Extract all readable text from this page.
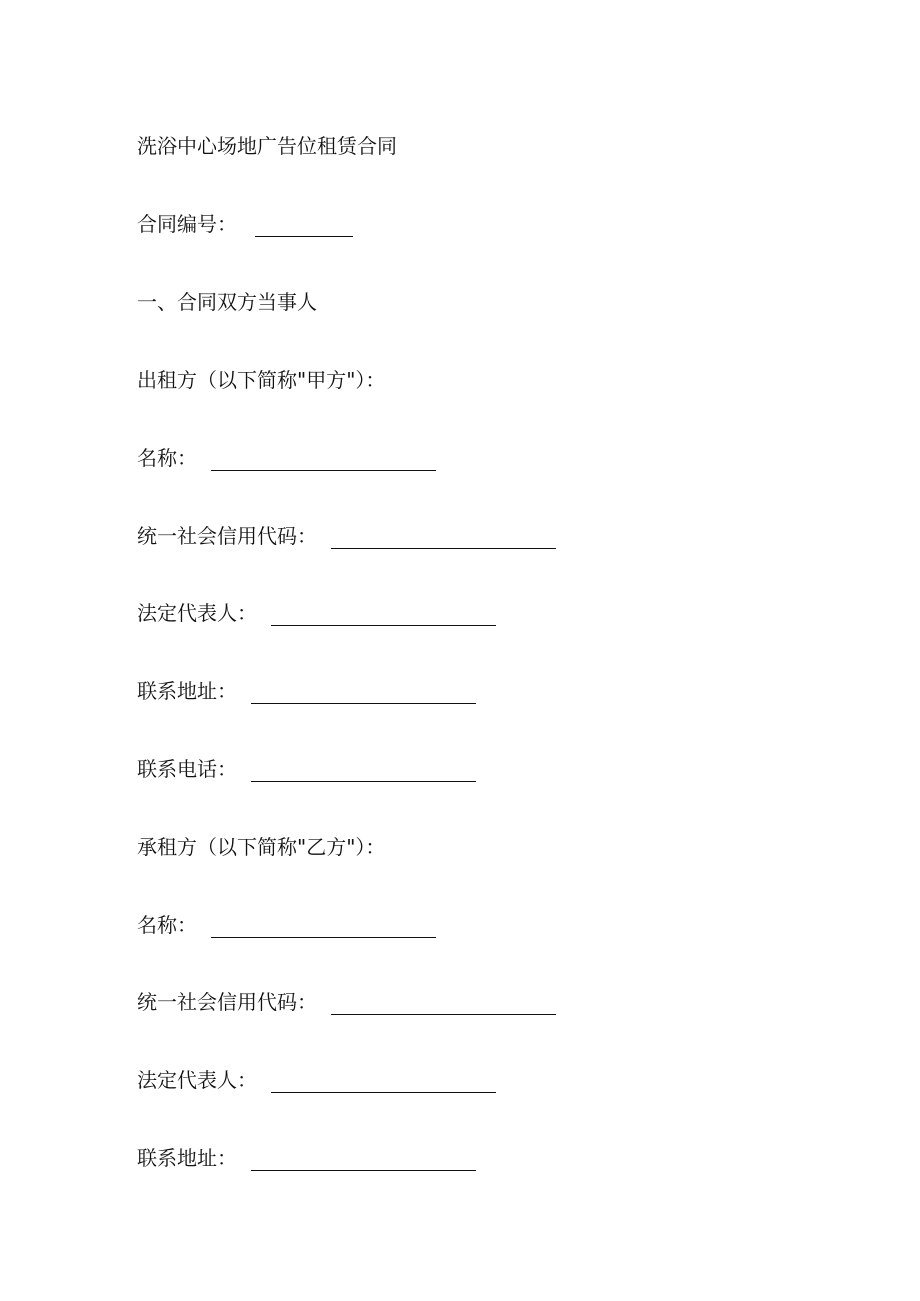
洗浴中心场地广告位租赁合同
合同编号：
一、合同双方当事人
出租方（以下简称"甲方"）：
名称：
统一社会信用代码：
法定代表人：
联系地址：
联系电话：
承租方（以下简称"乙方"）：
名称：
统一社会信用代码：
法定代表人：
联系地址：
